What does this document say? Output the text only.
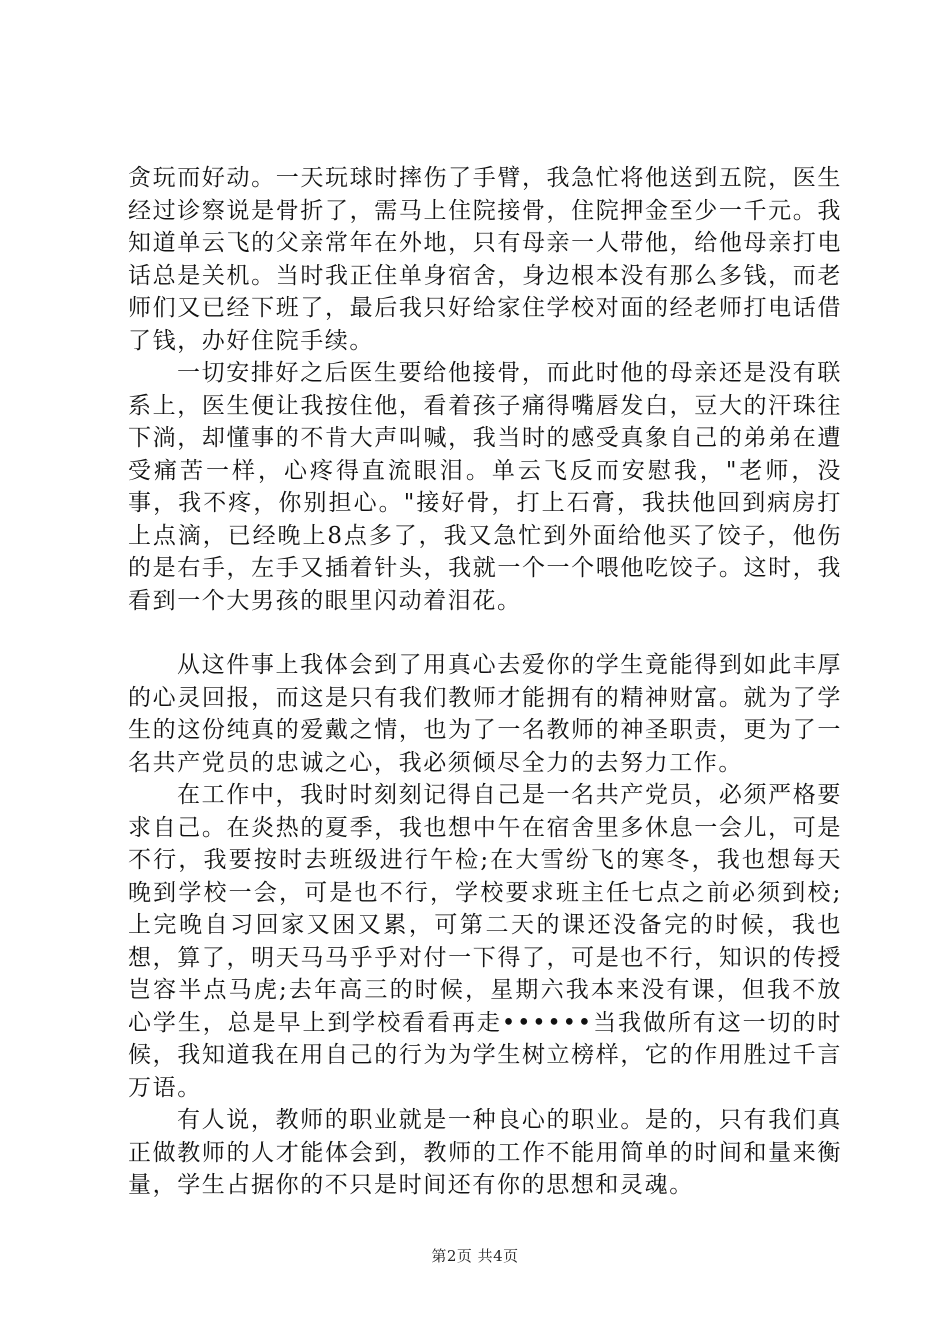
贪玩而好动。一天玩球时摔伤了手臂，我急忙将他送到五院，医生经过诊察说是骨折了，需马上住院接骨，住院押金至少一千元。我知道单云飞的父亲常年在外地，只有母亲一人带他，给他母亲打电话总是关机。当时我正住单身宿舍，身边根本没有那么多钱，而老师们又已经下班了，最后我只好给家住学校对面的经老师打电话借了钱，办好住院手续。

一切安排好之后医生要给他接骨，而此时他的母亲还是没有联系上，医生便让我按住他，看着孩子痛得嘴唇发白，豆大的汗珠往下淌，却懂事的不肯大声叫喊，我当时的感受真象自己的弟弟在遭受痛苦一样，心疼得直流眼泪。单云飞反而安慰我，"老师，没事，我不疼，你别担心。"接好骨，打上石膏，我扶他回到病房打上点滴，已经晚上8点多了，我又急忙到外面给他买了饺子，他伤的是右手，左手又插着针头，我就一个一个喂他吃饺子。这时，我看到一个大男孩的眼里闪动着泪花。

从这件事上我体会到了用真心去爱你的学生竟能得到如此丰厚的心灵回报，而这是只有我们教师才能拥有的精神财富。就为了学生的这份纯真的爱戴之情，也为了一名教师的神圣职责，更为了一名共产党员的忠诚之心，我必须倾尽全力的去努力工作。

在工作中，我时时刻刻记得自己是一名共产党员，必须严格要求自己。在炎热的夏季，我也想中午在宿舍里多休息一会儿，可是不行，我要按时去班级进行午检;在大雪纷飞的寒冬，我也想每天晚到学校一会，可是也不行，学校要求班主任七点之前必须到校;上完晚自习回家又困又累，可第二天的课还没备完的时候，我也想，算了，明天马马乎乎对付一下得了，可是也不行，知识的传授岂容半点马虎;去年高三的时候，星期六我本来没有课，但我不放心学生，总是早上到学校看看再走••••••当我做所有这一切的时候，我知道我在用自己的行为为学生树立榜样，它的作用胜过千言万语。

有人说，教师的职业就是一种良心的职业。是的，只有我们真正做教师的人才能体会到，教师的工作不能用简单的时间和量来衡量，学生占据你的不只是时间还有你的思想和灵魂。

第2页 共4页
